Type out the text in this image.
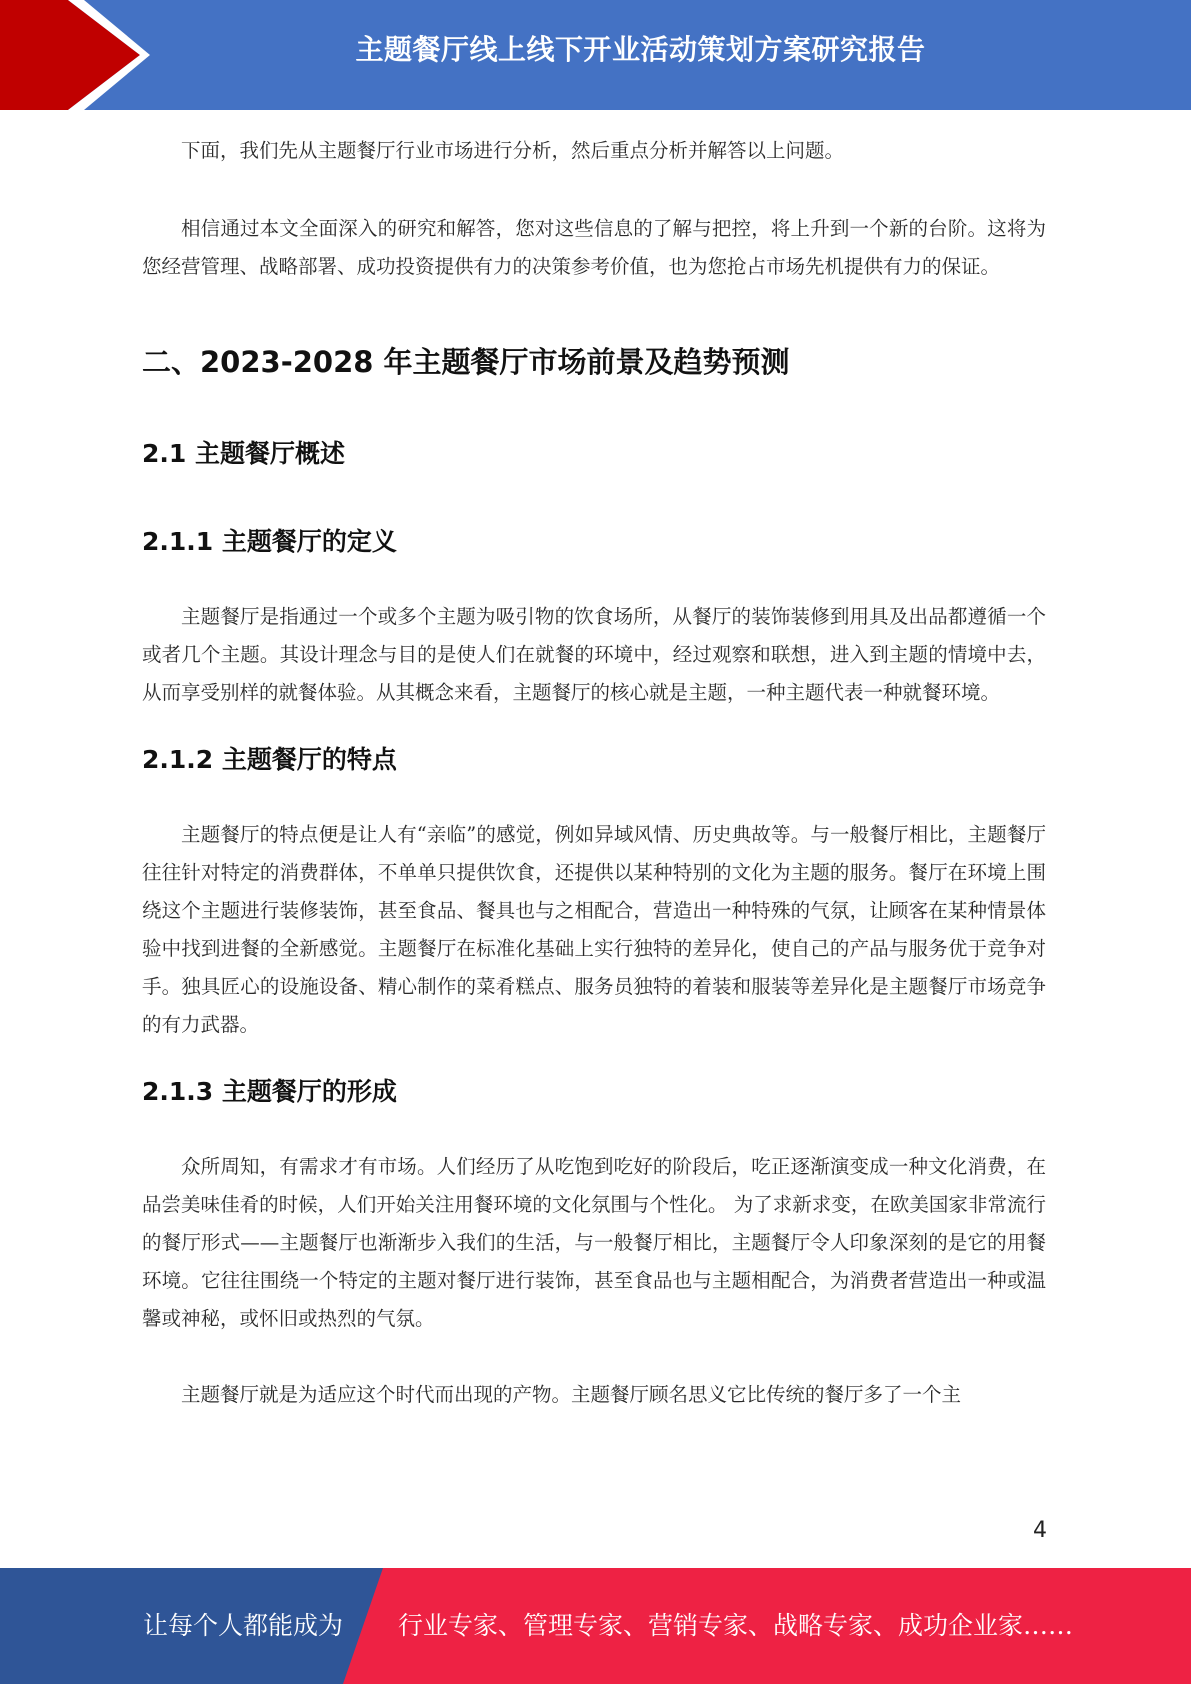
主题餐厅线上线下开业活动策划方案研究报告

下面，我们先从主题餐厅行业市场进行分析，然后重点分析并解答以上问题。

相信通过本文全面深入的研究和解答，您对这些信息的了解与把控，将上升到一个新的台阶。这将为您经营管理、战略部署、成功投资提供有力的决策参考价值，也为您抢占市场先机提供有力的保证。

二、2023-2028 年主题餐厅市场前景及趋势预测
2.1 主题餐厅概述
2.1.1 主题餐厅的定义

主题餐厅是指通过一个或多个主题为吸引物的饮食场所，从餐厅的装饰装修到用具及出品都遵循一个或者几个主题。其设计理念与目的是使人们在就餐的环境中，经过观察和联想，进入到主题的情境中去，从而享受别样的就餐体验。从其概念来看，主题餐厅的核心就是主题，一种主题代表一种就餐环境。

2.1.2 主题餐厅的特点

主题餐厅的特点便是让人有“亲临”的感觉，例如异域风情、历史典故等。与一般餐厅相比，主题餐厅往往针对特定的消费群体，不单单只提供饮食，还提供以某种特别的文化为主题的服务。餐厅在环境上围绕这个主题进行装修装饰，甚至食品、餐具也与之相配合，营造出一种特殊的气氛，让顾客在某种情景体验中找到进餐的全新感觉。主题餐厅在标准化基础上实行独特的差异化，使自己的产品与服务优于竞争对手。独具匠心的设施设备、精心制作的菜肴糕点、服务员独特的着装和服装等差异化是主题餐厅市场竞争的有力武器。

2.1.3 主题餐厅的形成

众所周知，有需求才有市场。人们经历了从吃饱到吃好的阶段后，吃正逐渐演变成一种文化消费，在品尝美味佳肴的时候，人们开始关注用餐环境的文化氛围与个性化。 为了求新求变，在欧美国家非常流行的餐厅形式——主题餐厅也渐渐步入我们的生活，与一般餐厅相比，主题餐厅令人印象深刻的是它的用餐环境。它往往围绕一个特定的主题对餐厅进行装饰，甚至食品也与主题相配合，为消费者营造出一种或温馨或神秘，或怀旧或热烈的气氛。

主题餐厅就是为适应这个时代而出现的产物。主题餐厅顾名思义它比传统的餐厅多了一个主

4
让每个人都能成为 行业专家、管理专家、营销专家、战略专家、成功企业家……
